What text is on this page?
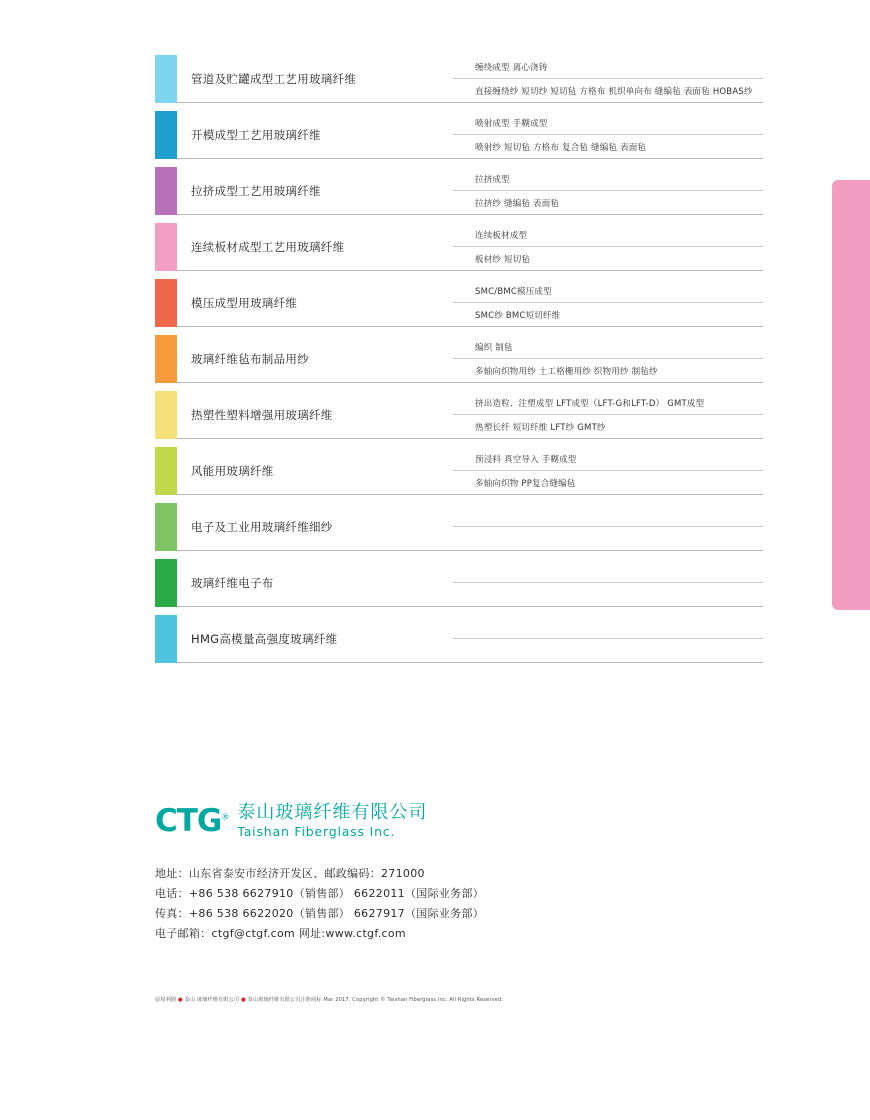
管道及贮罐成型工艺用玻璃纤维
缠绕成型 离心浇铸
直接缠绕纱 短切纱 短切毡 方格布 机织单向布 缝编毡 表面毡 HOBAS纱
开模成型工艺用玻璃纤维
喷射成型 手糊成型
喷射纱 短切毡 方格布 复合毡 缝编毡 表面毡
拉挤成型工艺用玻璃纤维
拉挤成型
拉挤纱 缝编毡 表面毡
连续板材成型工艺用玻璃纤维
连续板材成型
板材纱 短切毡
模压成型用玻璃纤维
SMC/BMC模压成型
SMC纱 BMC短切纤维
玻璃纤维毡布制品用纱
编织 制毡
多轴向织物用纱 土工格栅用纱 织物用纱 制毡纱
热塑性塑料增强用玻璃纤维
挤出造粒、注塑成型 LFT成型（LFT-G和LFT-D） GMT成型
热塑长纤 短切纤维 LFT纱 GMT纱
风能用玻璃纤维
预浸料 真空导入 手糊成型
多轴向织物 PP复合缝编毡
电子及工业用玻璃纤维细纱
玻璃纤维电子布
HMG高模量高强度玻璃纤维
CTG® 泰山玻璃纤维有限公司
Taishan Fiberglass Inc.
地址：山东省泰安市经济开发区、邮政编码：271000
电话：+86 538 6627910（销售部） 6622011（国际业务部）
传真：+86 538 6622020（销售部） 6627917（国际业务部）
电子邮箱：ctgf@ctgf.com 网址:www.ctgf.com
原权利剧 ● 泰山 玻璃纤维有限公司 ● 泰山玻璃纤维有限公司注册商标 Mar 2017. Copyright © Taishan Fiberglass Inc. All Rights Reserved.
